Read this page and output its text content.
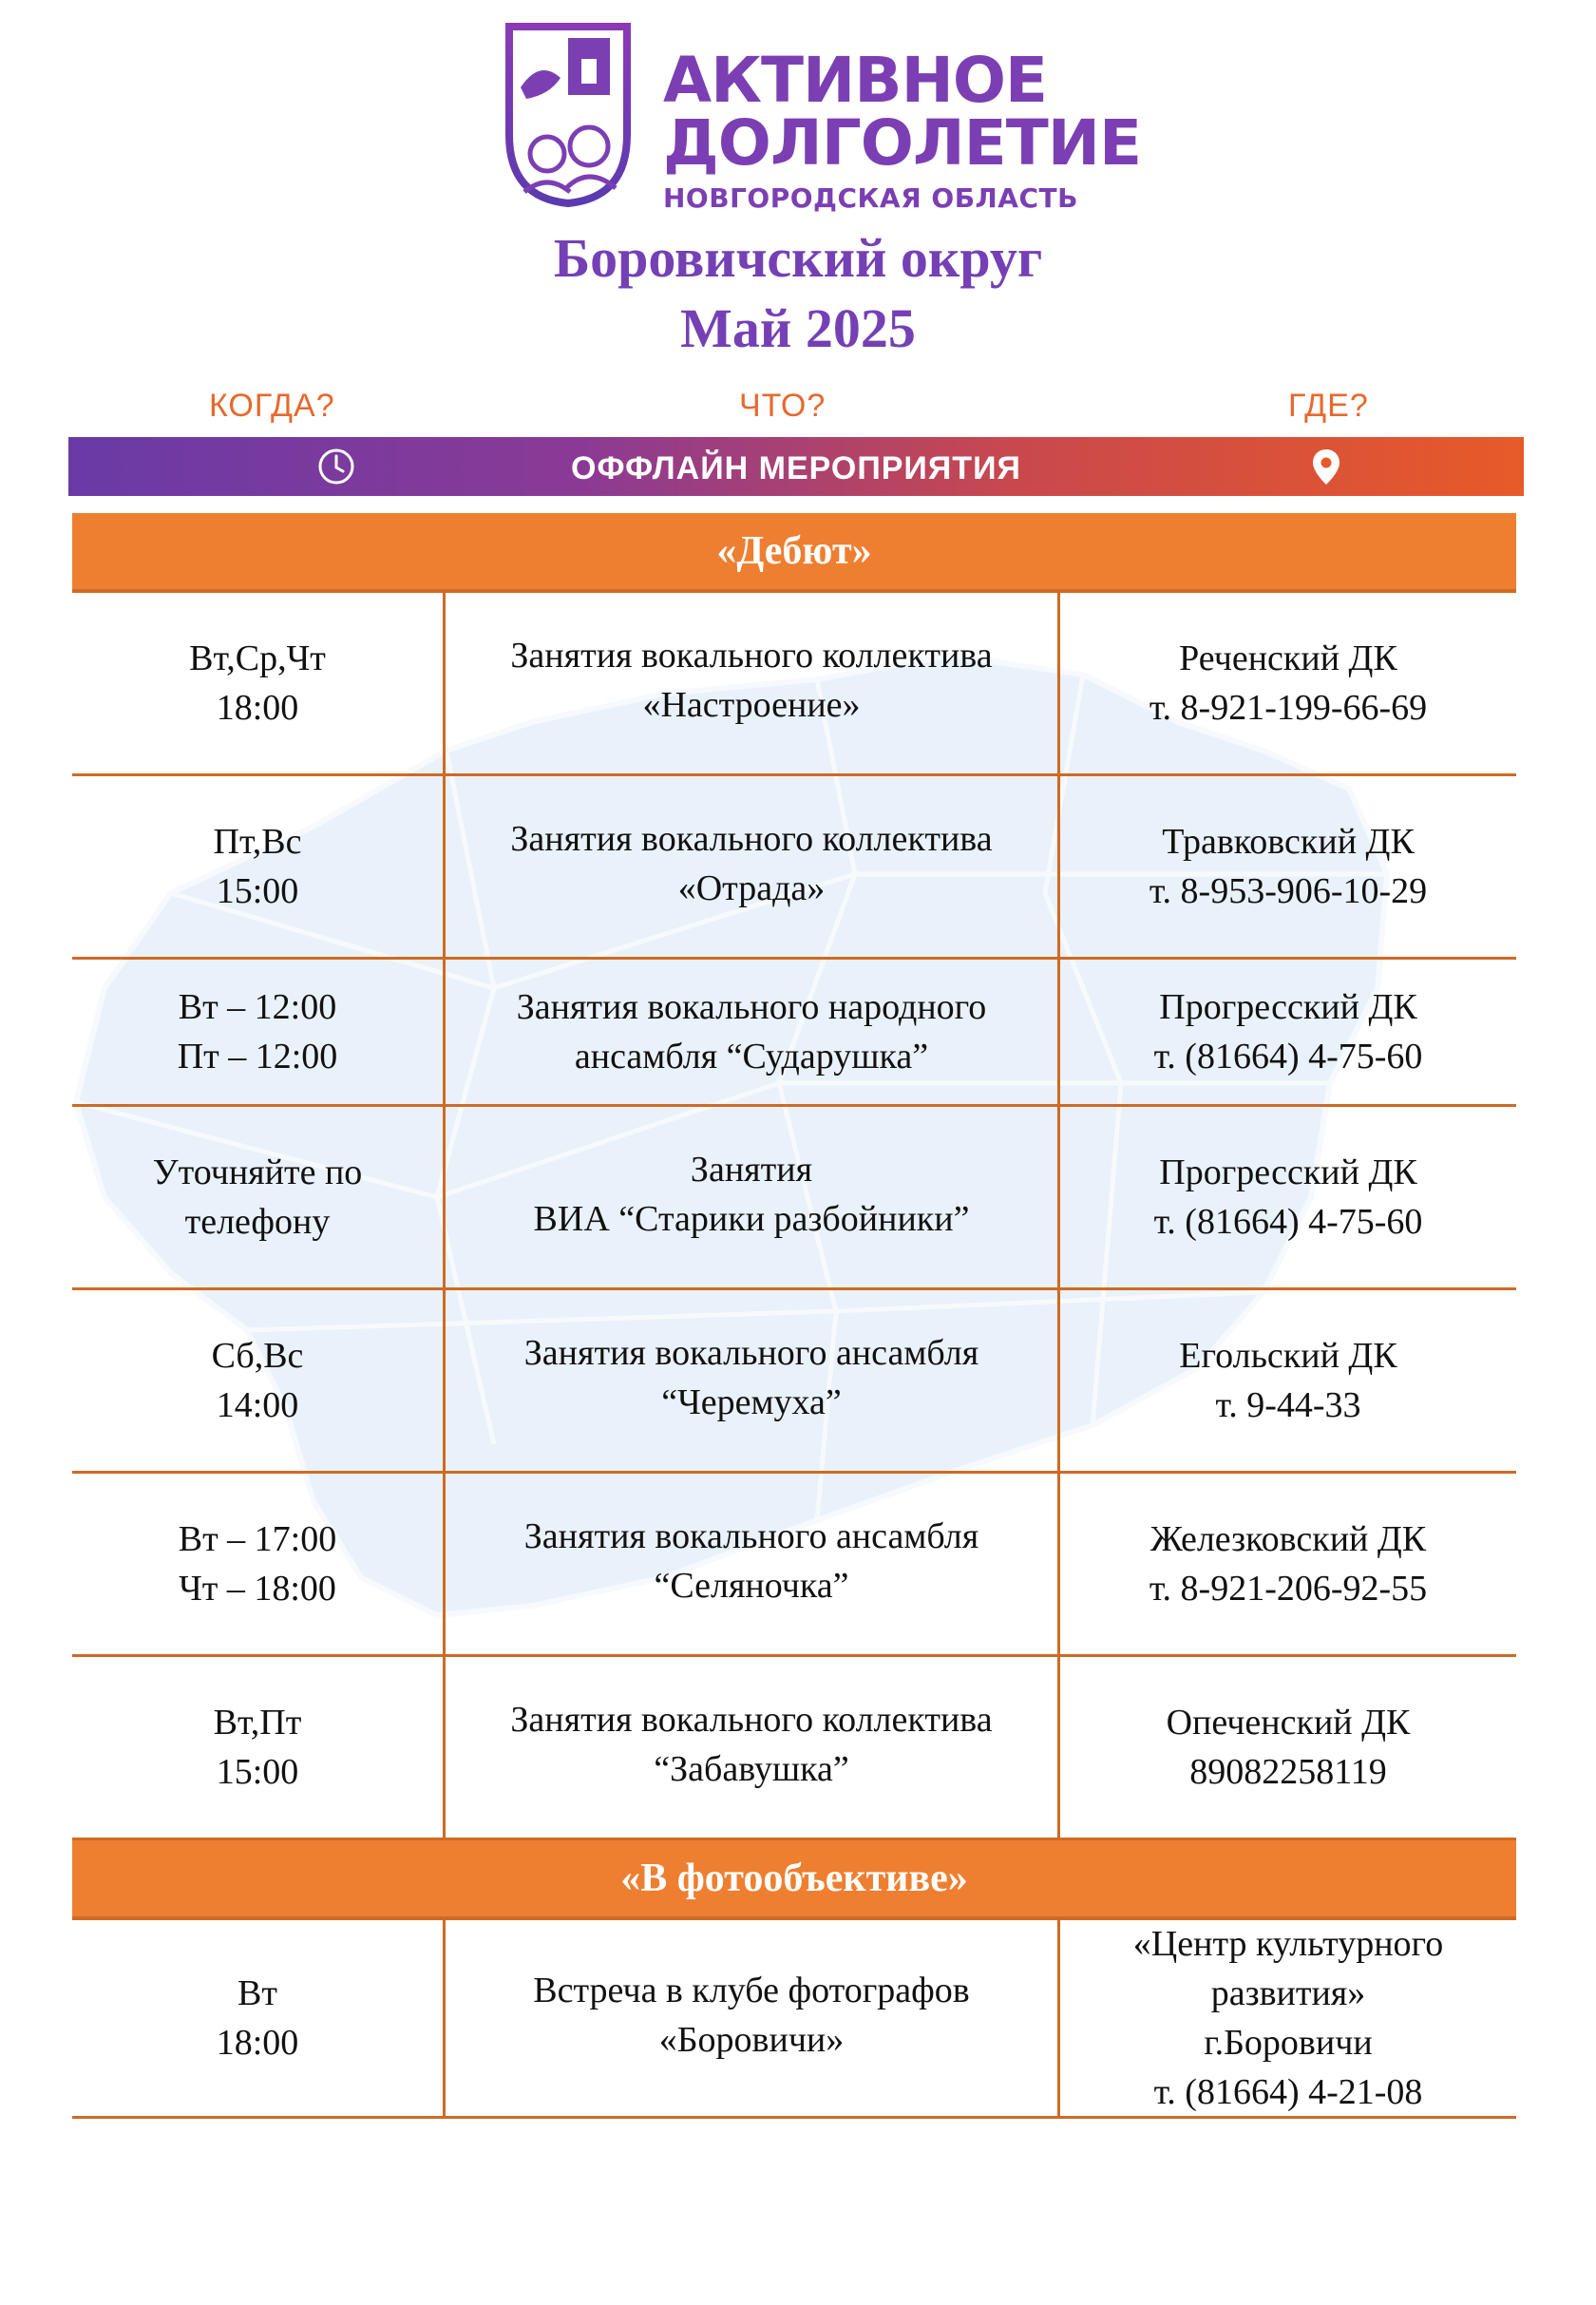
АКТИВНОЕ
ДОЛГОЛЕТИЕ
НОВГОРОДСКАЯ ОБЛАСТЬ
Боровичский округ
Май 2025
КОГДА?	ЧТО?	ГДЕ?
ОФФЛАЙН МЕРОПРИЯТИЯ
«Дебют»
Вт,Ср,Чт
18:00
Занятия вокального коллектива
«Настроение»
Реченский ДК
т. 8-921-199-66-69
Пт,Вс
15:00
Занятия вокального коллектива
«Отрада»
Травковский ДК
т. 8-953-906-10-29
Вт – 12:00
Пт – 12:00
Занятия вокального народного
ансамбля “Сударушка”
Прогресский ДК
т. (81664) 4-75-60
Уточняйте по
телефону
Занятия
ВИА “Старики разбойники”
Прогресский ДК
т. (81664) 4-75-60
Сб,Вс
14:00
Занятия вокального ансамбля
“Черемуха”
Егольский ДК
т. 9-44-33
Вт – 17:00
Чт – 18:00
Занятия вокального ансамбля
“Селяночка”
Железковский ДК
т. 8-921-206-92-55
Вт,Пт
15:00
Занятия вокального коллектива
“Забавушка”
Опеченский ДК
89082258119
«В фотообъективе»
Вт
18:00
Встреча в клубе фотографов
«Боровичи»
«Центр культурного
развития»
г.Боровичи
т. (81664) 4-21-08
